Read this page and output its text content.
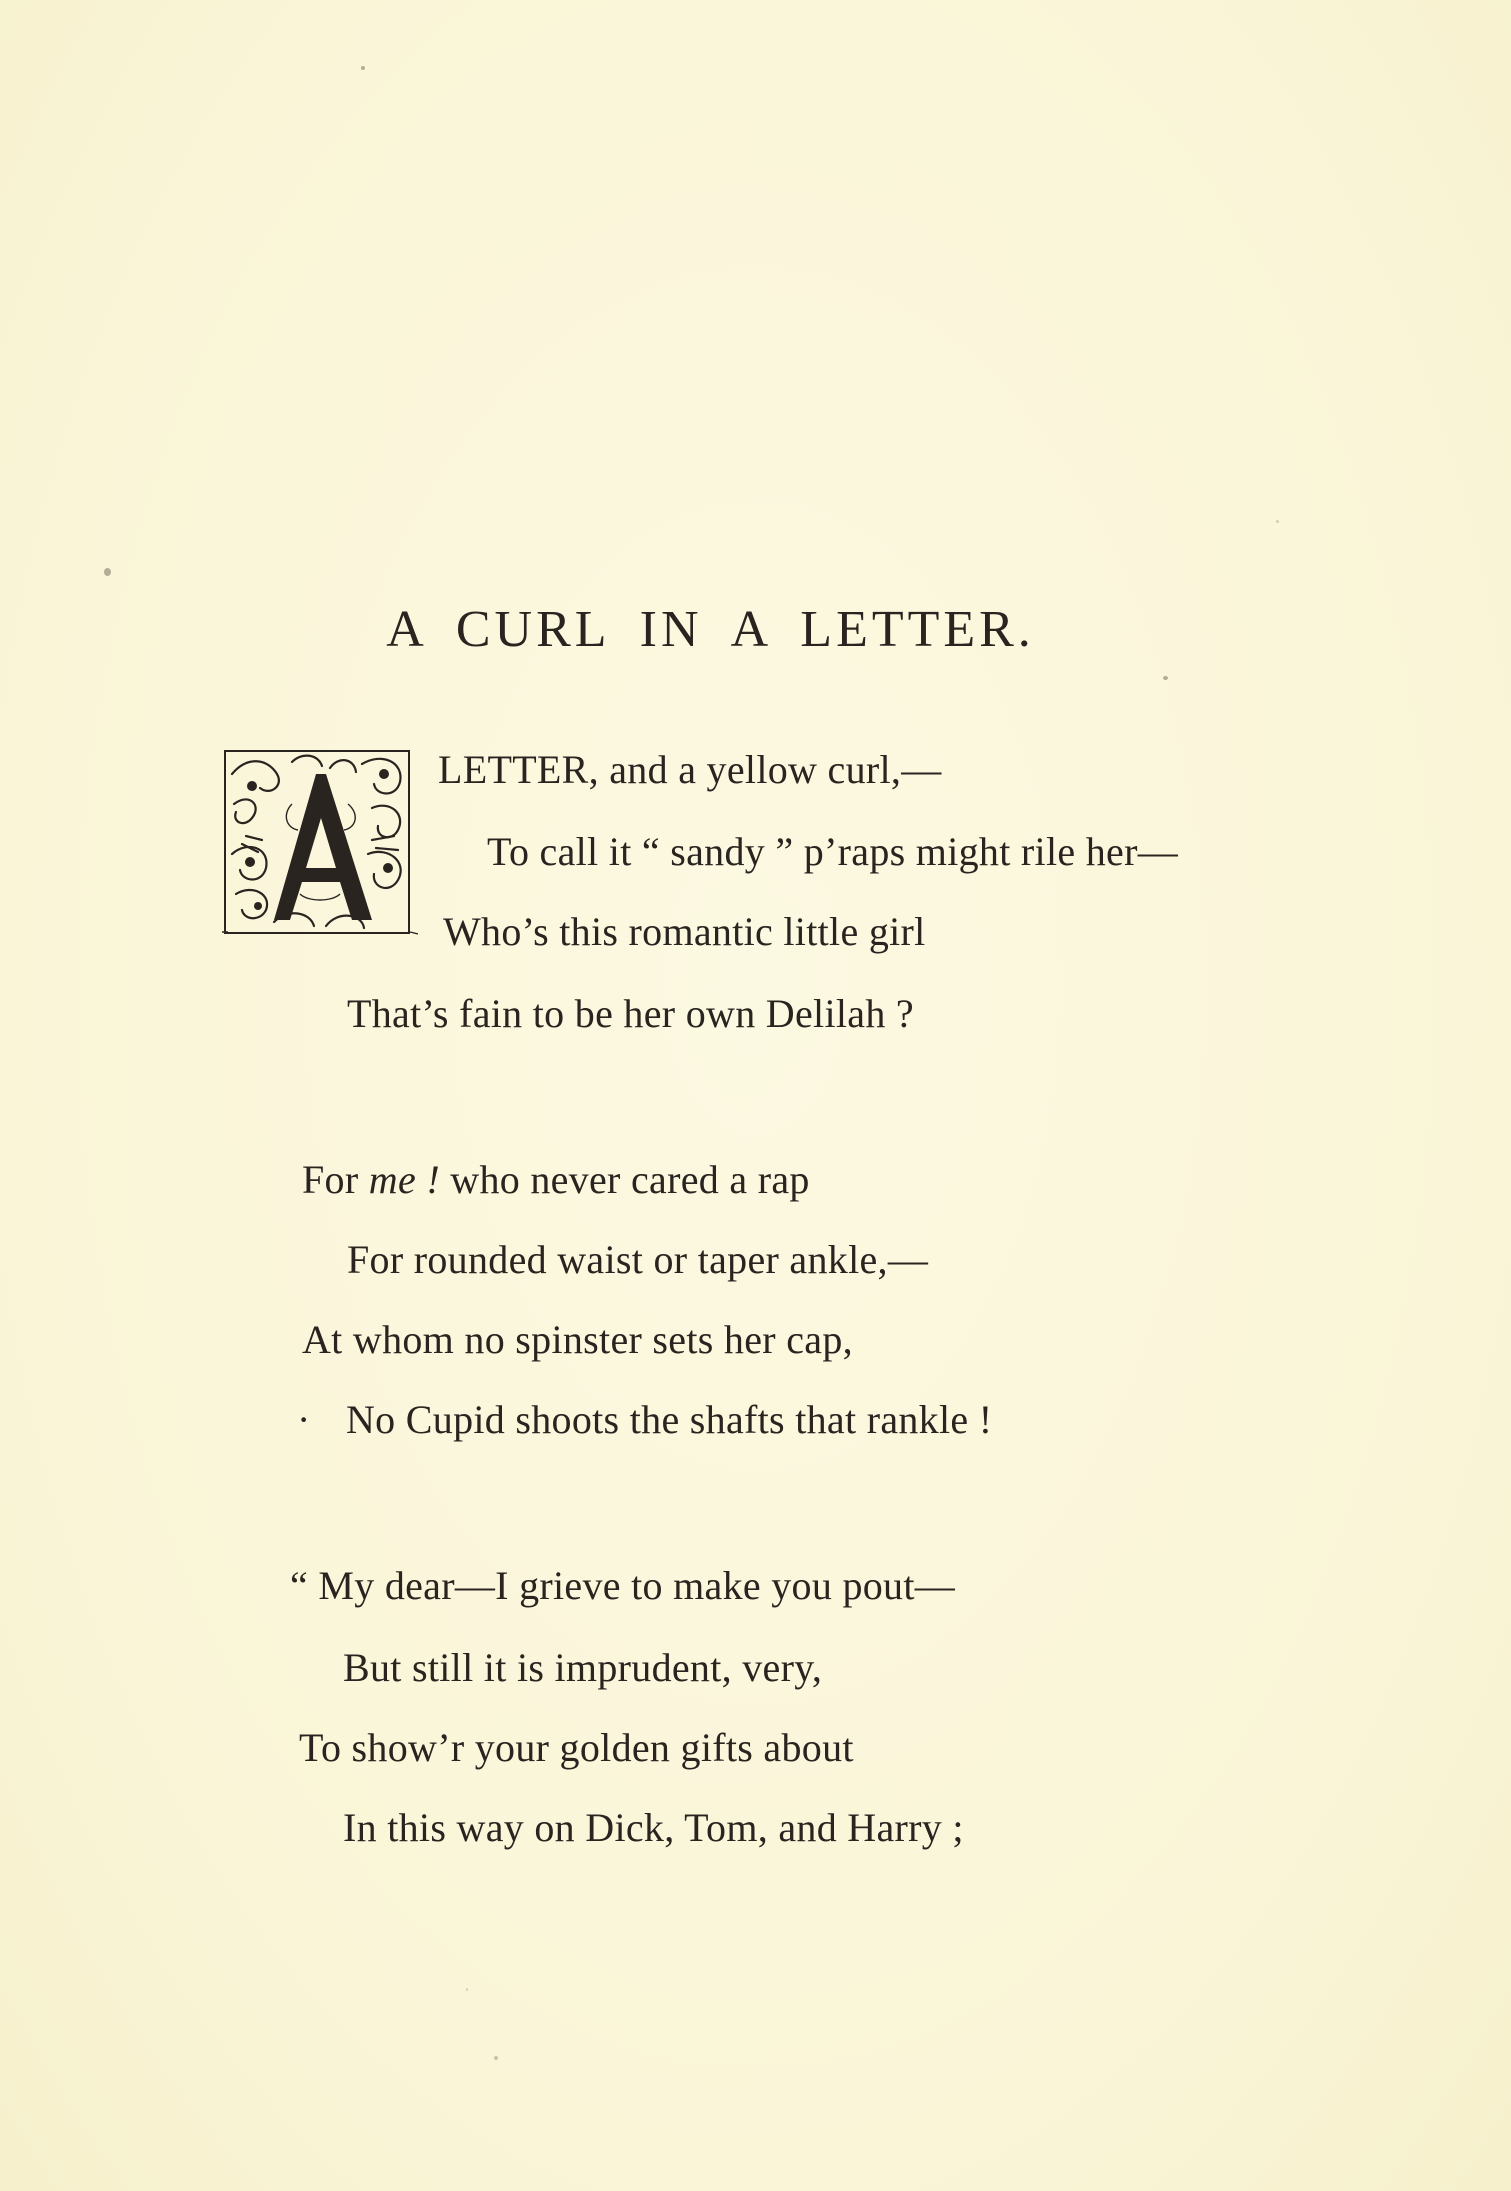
A CURL IN A LETTER.
LETTER, and a yellow curl,—
To call it “ sandy ” p’raps might rile her—
Who’s this romantic little girl
That’s fain to be her own Delilah ?
For me ! who never cared a rap
For rounded waist or taper ankle,—
At whom no spinster sets her cap,
· No Cupid shoots the shafts that rankle !
“ My dear—I grieve to make you pout—
But still it is imprudent, very,
To show’r your golden gifts about
In this way on Dick, Tom, and Harry ;
